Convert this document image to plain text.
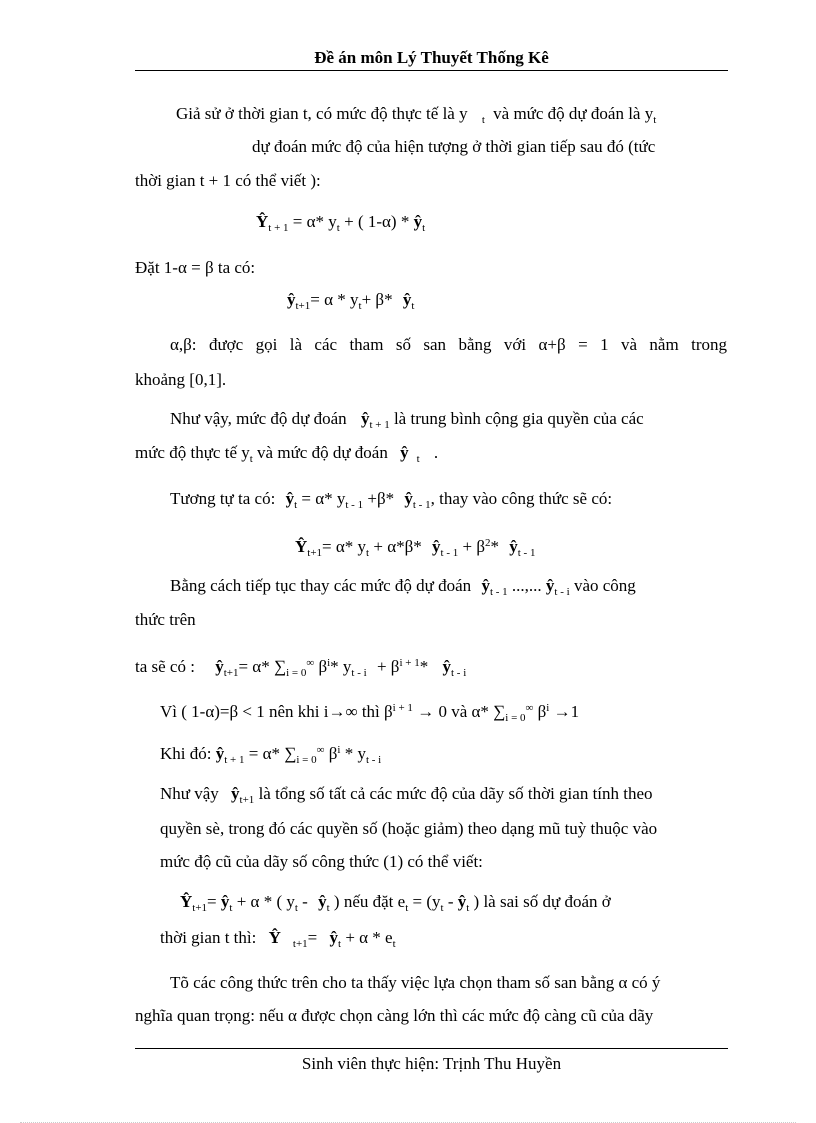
Đề án môn Lý Thuyết Thống Kê
Giả sử ở thời gian t, có mức độ thực tế là y $_t$ và mức độ dự đoán là $y_t$
dự đoán mức độ của hiện tượng ở thời gian tiếp sau đó (tức
thời gian t + 1 có thể viết ):
$Ŷ_{t + 1} = \alpha*$ $y_t$ + ( $1-\alpha) * ŷ_t$
Đặt 1-α = β ta có:
$ŷ_{t+1}= \alpha * y_t+ \beta*$ $ŷ_t$
α,β: được gọi là các tham số san bằng với α+β = 1 và nằm trong
khoảng [0,1].
Như vậy, mức độ dự đoán $ŷ_{t + 1}$ là trung bình cộng gia quyền của các
mức độ thực tế $y_t$ và mức độ dự đoán ŷ $_t$ .
Tương tự ta có: $ŷ_t = \alpha*$ $y_{t - 1} +\beta*$ $ŷ_{t - 1}$, thay vào công thức sẽ có:
$Ŷ_{t+1}= \alpha*$ $y_t + \alpha*\beta*$ $ŷ_{t - 1} + \beta^2*$ $ŷ_{t - 1}$
Bằng cách tiếp tục thay các mức độ dự đoán $ŷ_{t - 1}$ ...,... $ŷ_{t - i}$ vào công
thức trên
ta sẽ có : $ŷ_{t+1}= \alpha*$ $\sum_{i = 0}^\infty$ $\beta^i*$ $y_{t - i} + \beta^{i + 1}*$ $ŷ_{t - i}$
Vì ( 1-α)=β < 1 nên khi i→∞ thì $\beta^{i + 1} \to 0$ và α* $\sum_{i = 0}^\infty$ $\beta^i \to 1$
Khi đó: $ŷ_{t + 1} = \alpha*$ $\sum_{i = 0}^\infty$ $\beta^i * y_{t - i}$
Như vậy $ŷ_{t+1}$ là tổng số tất cả các mức độ của dãy số thời gian tính theo
quyền sè, trong đó các quyền số (hoặc giảm) theo dạng mũ tuỳ thuộc vào
mức độ cũ của dãy số công thức (1) có thể viết:
$Ŷ_{t+1}=$ $ŷ_t + \alpha$ * ( $y_t$ - $ŷ_t$ ) nếu đặt $e_t = (y_t$ - $ŷ_t$ ) là sai số dự đoán ở
thời gian t thì: Ŷ $_{t+1}= ŷ_t + \alpha * e_t$
Tõ các công thức trên cho ta thấy việc lựa chọn tham số san bằng α có ý
nghĩa quan trọng: nếu α được chọn càng lớn thì các mức độ càng cũ của dãy
Sinh viên thực hiện: Trịnh Thu Huyền
